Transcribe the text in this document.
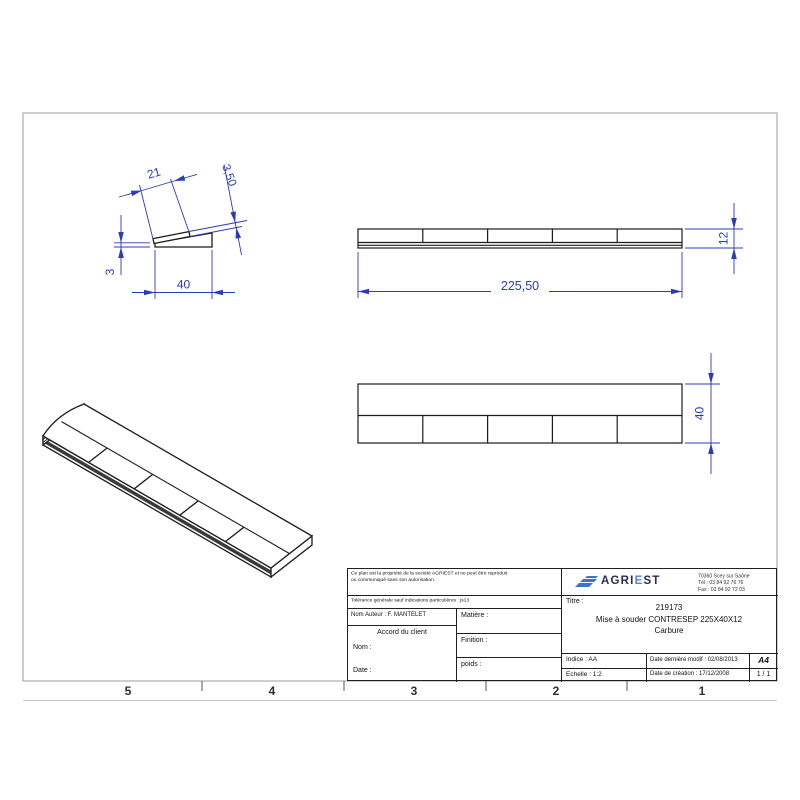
21	3,50
3
40	225,50
12
40
5	4	3	2	1
Ce plan est la propriété de la société AGRIEST et ne peut être reproduit
ou communiqué sans son autorisation.
Tolérance générale sauf indications particulières : js13
Nom Auteur : F. MANTELET
Accord du client
Nom :
Date :
Matière :
Finition :
poids :
AGRIEST	70360 Scey sur Saône
Tél : 03 84 92 76 76
Fax : 03 84 92 72 03
Titre :
219173
Mise à souder CONTRESEP 225X40X12
Carbure
Indice : AA	Date dernière modif : 02/08/2013	A4
Echelle : 1:2	Date de création : 17/12/2008	1 / 1
